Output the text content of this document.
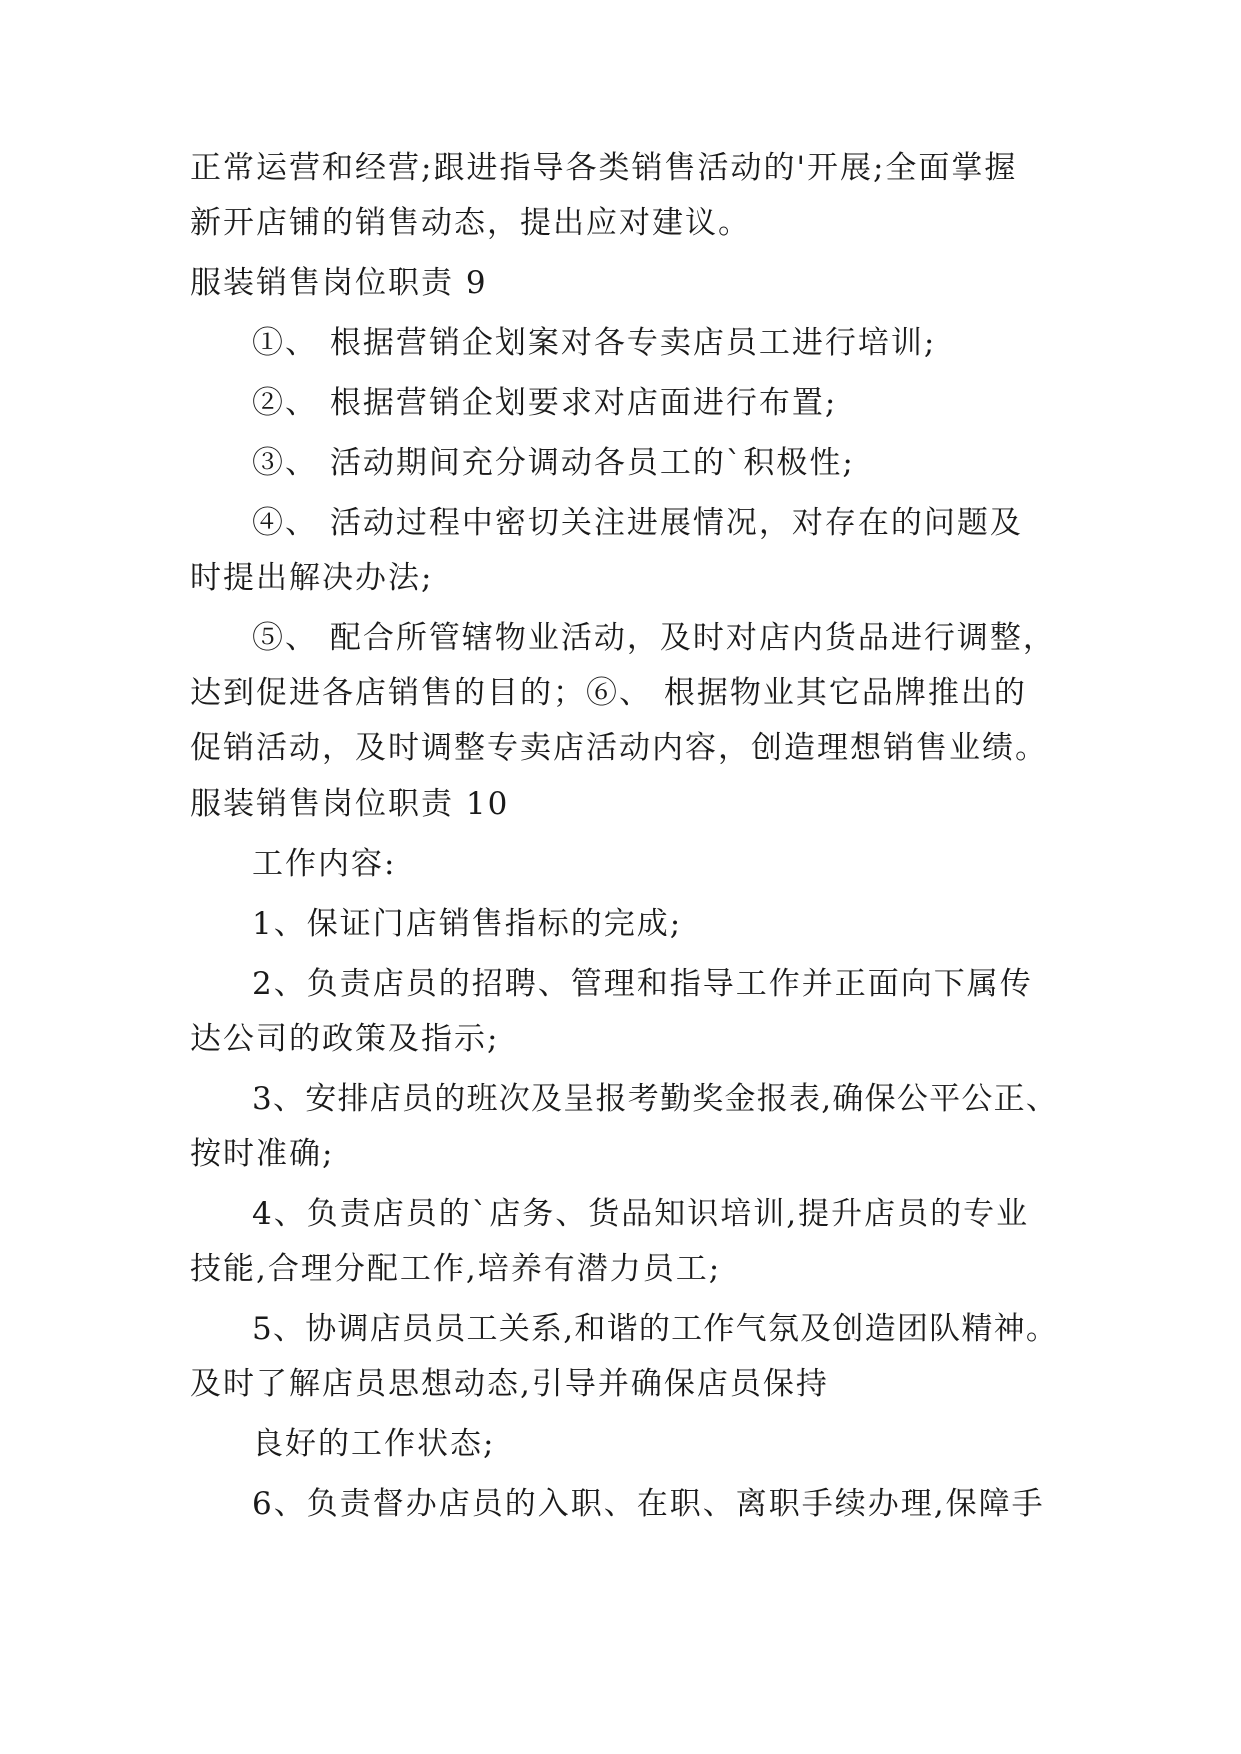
正常运营和经营;跟进指导各类销售活动的'开展;全面掌握
新开店铺的销售动态，提出应对建议。
服装销售岗位职责 9
①、 根据营销企划案对各专卖店员工进行培训;
②、 根据营销企划要求对店面进行布置;
③、 活动期间充分调动各员工的`积极性;
④、 活动过程中密切关注进展情况，对存在的问题及
时提出解决办法;
⑤、 配合所管辖物业活动，及时对店内货品进行调整，
达到促进各店销售的目的；⑥、 根据物业其它品牌推出的
促销活动，及时调整专卖店活动内容，创造理想销售业绩。
服装销售岗位职责 10
工作内容:
1、保证门店销售指标的完成;
2、负责店员的招聘、管理和指导工作并正面向下属传
达公司的政策及指示;
3、安排店员的班次及呈报考勤奖金报表,确保公平公正、
按时准确;
4、负责店员的`店务、货品知识培训,提升店员的专业
技能,合理分配工作,培养有潜力员工;
5、协调店员员工关系,和谐的工作气氛及创造团队精神。
及时了解店员思想动态,引导并确保店员保持
良好的工作状态;
6、负责督办店员的入职、在职、离职手续办理,保障手
